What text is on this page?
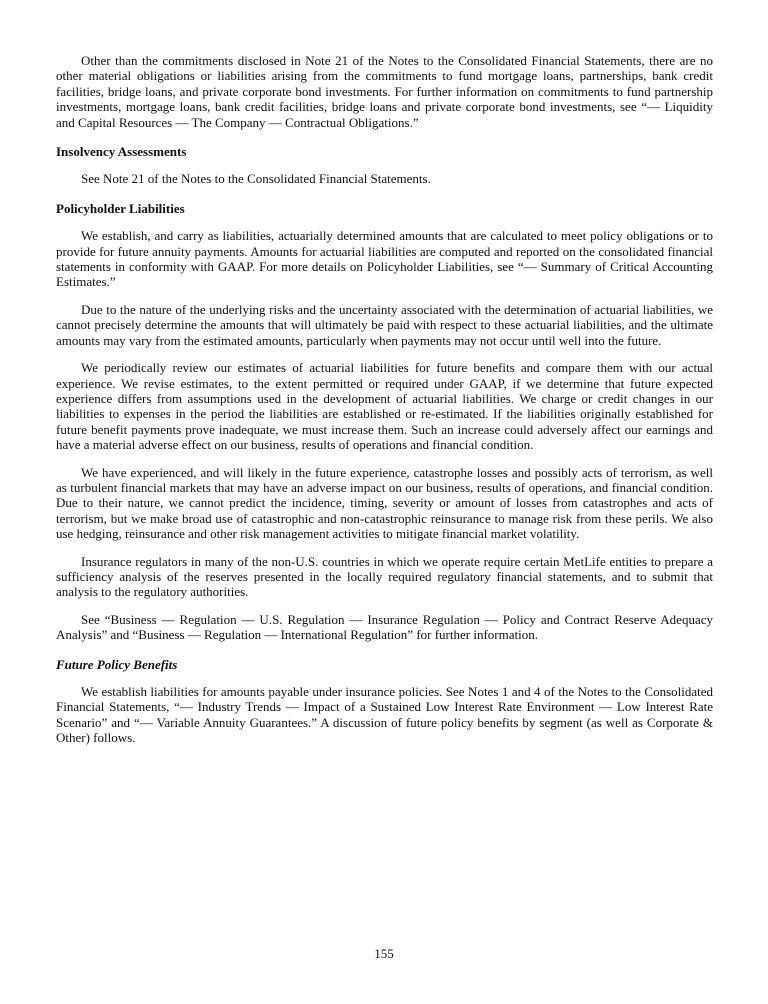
Other than the commitments disclosed in Note 21 of the Notes to the Consolidated Financial Statements, there are no other material obligations or liabilities arising from the commitments to fund mortgage loans, partnerships, bank credit facilities, bridge loans, and private corporate bond investments. For further information on commitments to fund partnership investments, mortgage loans, bank credit facilities, bridge loans and private corporate bond investments, see “— Liquidity and Capital Resources — The Company — Contractual Obligations.”

Insolvency Assessments

See Note 21 of the Notes to the Consolidated Financial Statements.

Policyholder Liabilities

We establish, and carry as liabilities, actuarially determined amounts that are calculated to meet policy obligations or to provide for future annuity payments. Amounts for actuarial liabilities are computed and reported on the consolidated financial statements in conformity with GAAP. For more details on Policyholder Liabilities, see “— Summary of Critical Accounting Estimates.”

Due to the nature of the underlying risks and the uncertainty associated with the determination of actuarial liabilities, we cannot precisely determine the amounts that will ultimately be paid with respect to these actuarial liabilities, and the ultimate amounts may vary from the estimated amounts, particularly when payments may not occur until well into the future.

We periodically review our estimates of actuarial liabilities for future benefits and compare them with our actual experience. We revise estimates, to the extent permitted or required under GAAP, if we determine that future expected experience differs from assumptions used in the development of actuarial liabilities. We charge or credit changes in our liabilities to expenses in the period the liabilities are established or re-estimated. If the liabilities originally established for future benefit payments prove inadequate, we must increase them. Such an increase could adversely affect our earnings and have a material adverse effect on our business, results of operations and financial condition.

We have experienced, and will likely in the future experience, catastrophe losses and possibly acts of terrorism, as well as turbulent financial markets that may have an adverse impact on our business, results of operations, and financial condition. Due to their nature, we cannot predict the incidence, timing, severity or amount of losses from catastrophes and acts of terrorism, but we make broad use of catastrophic and non-catastrophic reinsurance to manage risk from these perils. We also use hedging, reinsurance and other risk management activities to mitigate financial market volatility.

Insurance regulators in many of the non-U.S. countries in which we operate require certain MetLife entities to prepare a sufficiency analysis of the reserves presented in the locally required regulatory financial statements, and to submit that analysis to the regulatory authorities.

See “Business — Regulation — U.S. Regulation — Insurance Regulation — Policy and Contract Reserve Adequacy Analysis” and “Business — Regulation — International Regulation” for further information.

Future Policy Benefits

We establish liabilities for amounts payable under insurance policies. See Notes 1 and 4 of the Notes to the Consolidated Financial Statements, “— Industry Trends — Impact of a Sustained Low Interest Rate Environment — Low Interest Rate Scenario” and “— Variable Annuity Guarantees.” A discussion of future policy benefits by segment (as well as Corporate & Other) follows.

155
